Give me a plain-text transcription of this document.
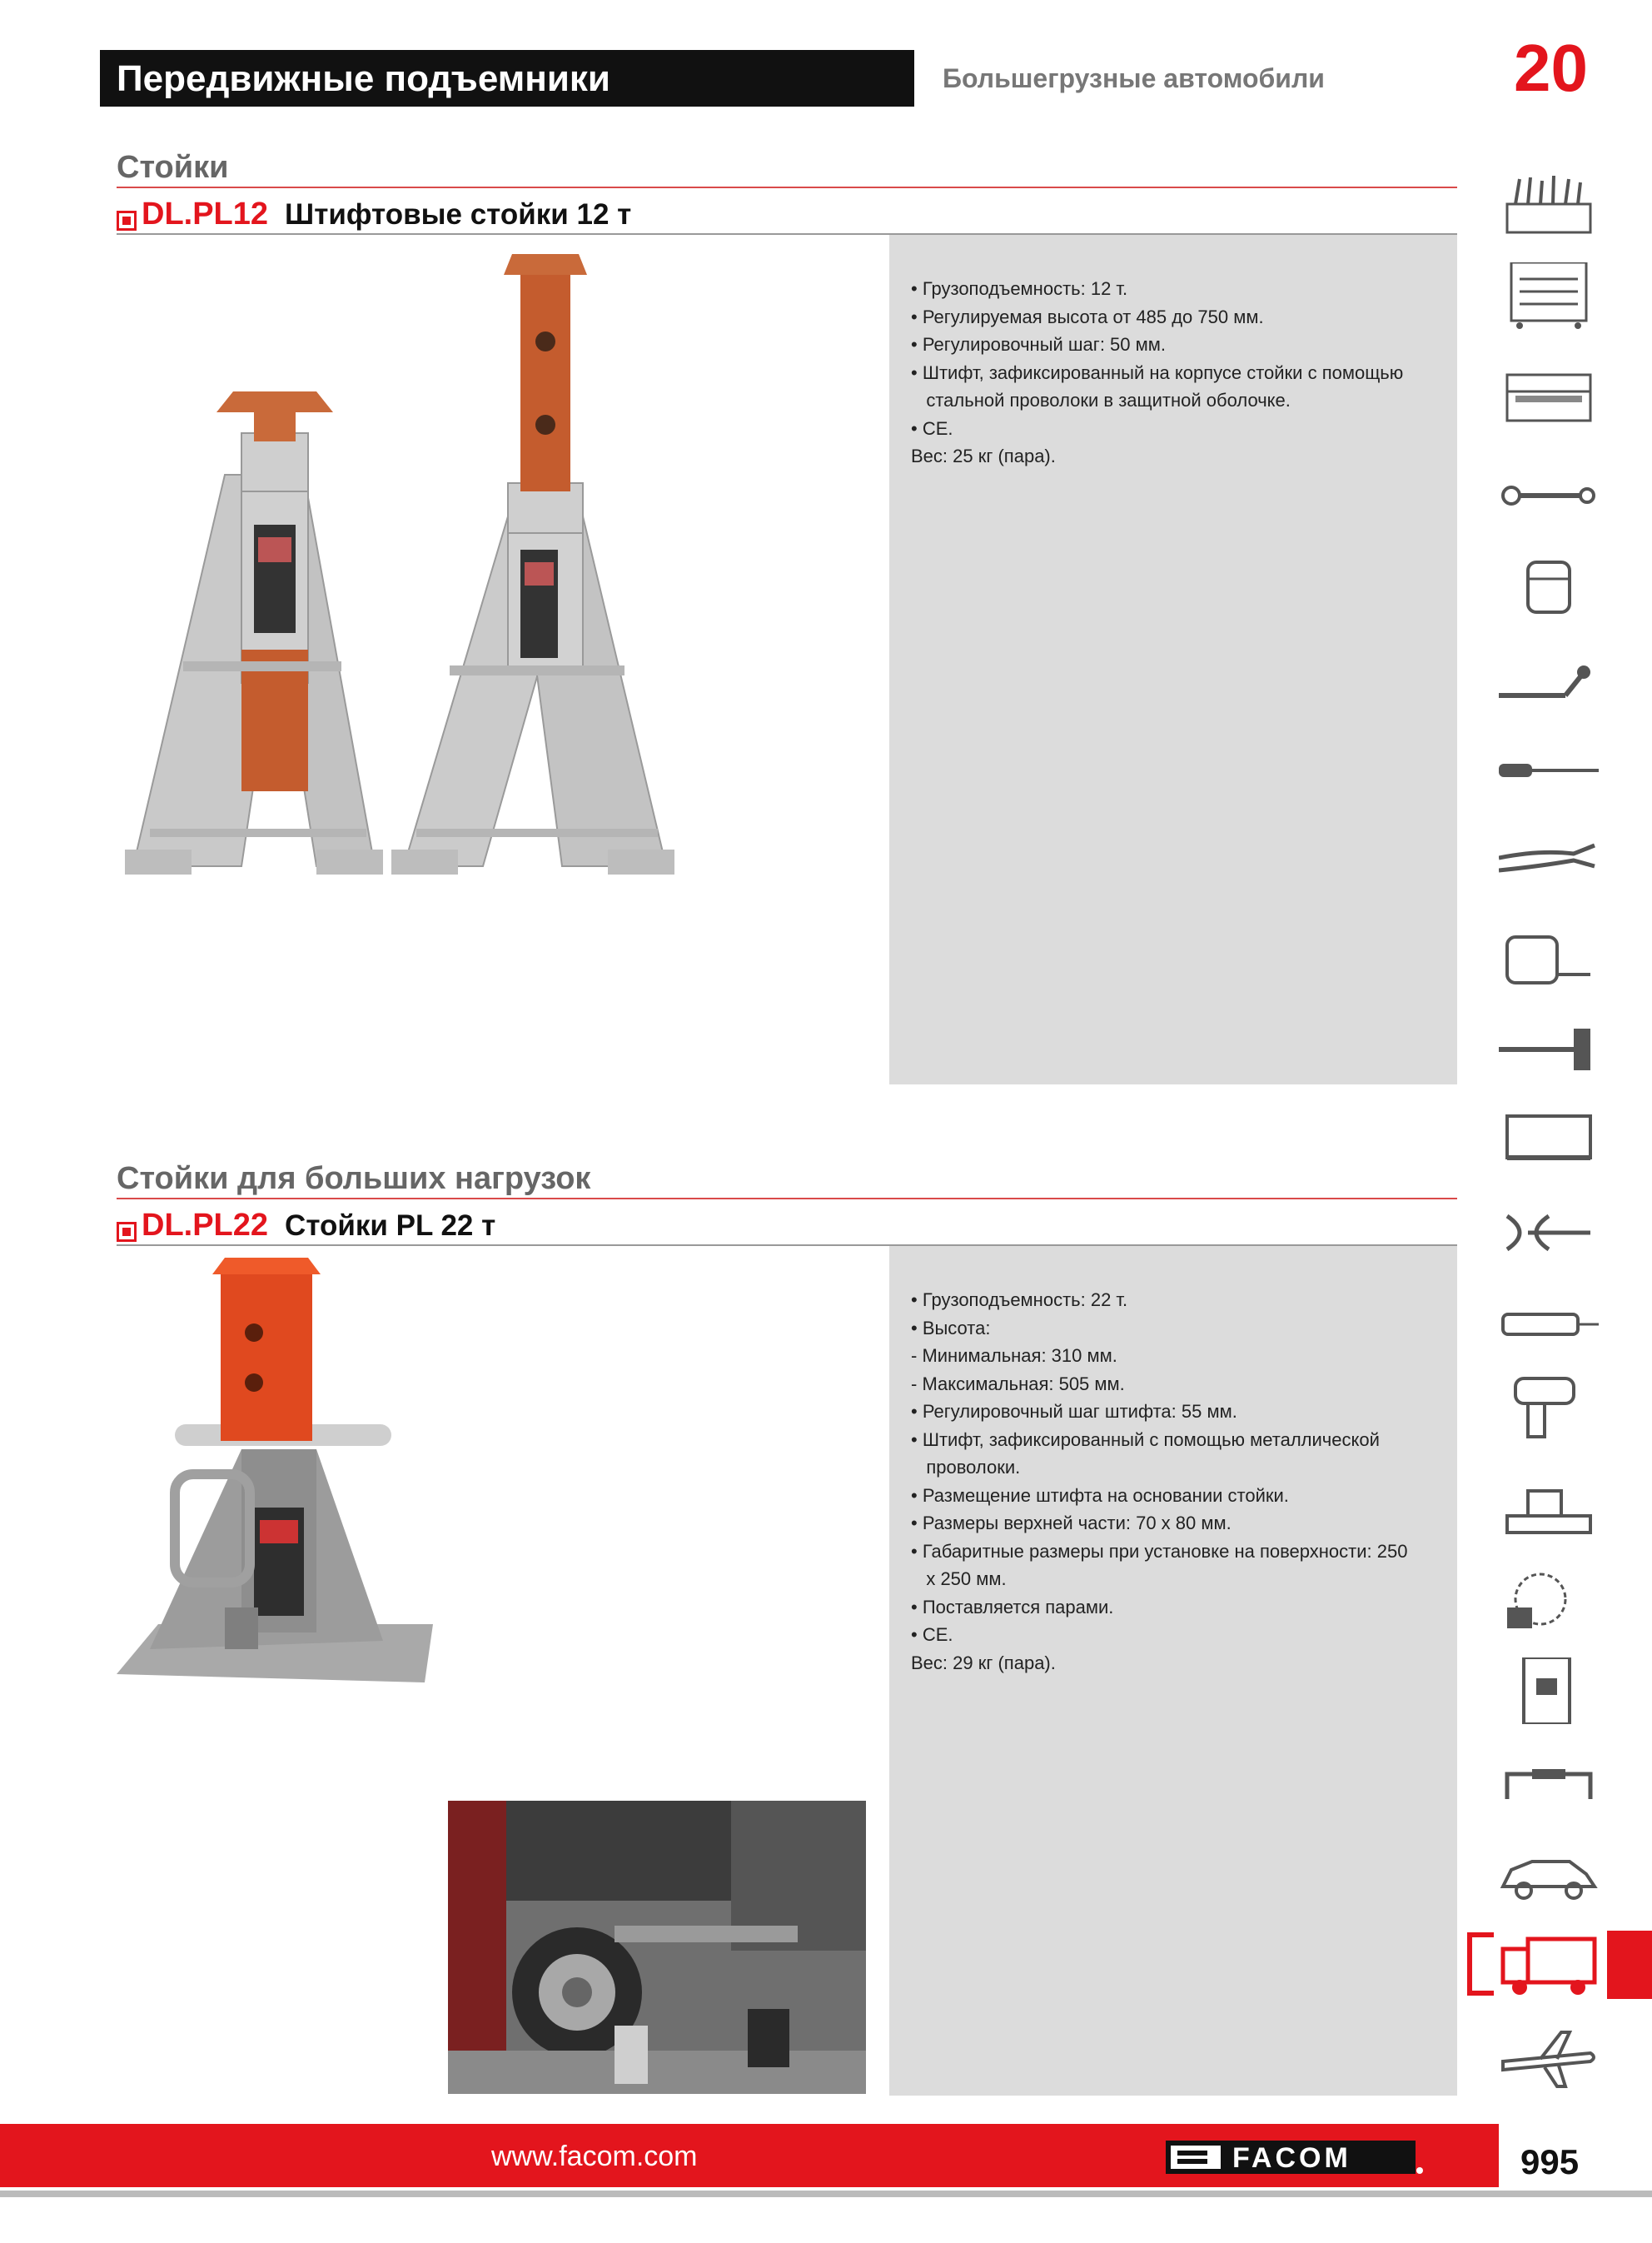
Передвижные подъемники	Большегрузные автомобили	20
Стойки
DL.PL12 Штифтовые стойки 12 т
• Грузоподъемность: 12 т.
• Регулируемая высота от 485 до 750 мм.
• Регулировочный шаг: 50 мм.
• Штифт, зафиксированный на корпусе стойки с помощью
стальной проволоки в защитной оболочке.
• CE.
Вес: 25 кг (пара).
Стойки для больших нагрузок
DL.PL22 Стойки PL 22 т
• Грузоподъемность: 22 т.
• Высота:
- Минимальная: 310 мм.
- Максимальная: 505 мм.
• Регулировочный шаг штифта: 55 мм.
• Штифт, зафиксированный с помощью металлической
проволоки.
• Размещение штифта на основании стойки.
• Размеры верхней части: 70 х 80 мм.
• Габаритные размеры при установке на поверхности: 250
х 250 мм.
• Поставляется парами.
• CE.
Вес: 29 кг (пара).
www.facom.com	FACOM	995
